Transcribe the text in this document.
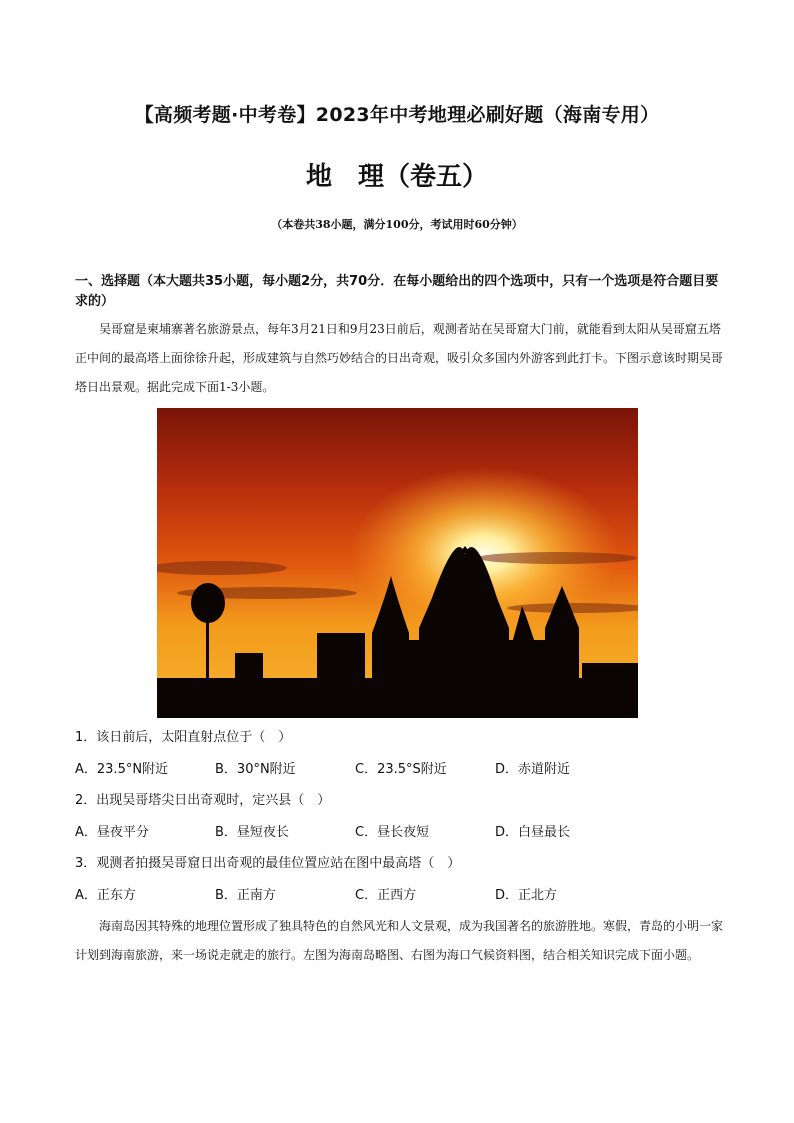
【高频考题·中考卷】2023年中考地理必刷好题（海南专用）
地　理（卷五）
（本卷共38小题，满分100分，考试用时60分钟）
一、选择题（本大题共35小题，每小题2分，共70分．在每小题给出的四个选项中，只有一个选项是符合题目要求的）
吴哥窟是柬埔寨著名旅游景点，每年3月21日和9月23日前后，观测者站在吴哥窟大门前，就能看到太阳从吴哥窟五塔正中间的最高塔上面徐徐升起，形成建筑与自然巧妙结合的日出奇观，吸引众多国内外游客到此打卡。下图示意该时期吴哥塔日出景观。据此完成下面1-3小题。
1．该日前后，太阳直射点位于（　）
A．23.5°N附近	B．30°N附近	C．23.5°S附近	D．赤道附近
2．出现吴哥塔尖日出奇观时，定兴县（　）
A．昼夜平分	B．昼短夜长	C．昼长夜短	D．白昼最长
3．观测者拍摄吴哥窟日出奇观的最佳位置应站在图中最高塔（　）
A．正东方	B．正南方	C．正西方	D．正北方
海南岛因其特殊的地理位置形成了独具特色的自然风光和人文景观，成为我国著名的旅游胜地。寒假，青岛的小明一家计划到海南旅游，来一场说走就走的旅行。左图为海南岛略图、右图为海口气候资料图，结合相关知识完成下面小题。
